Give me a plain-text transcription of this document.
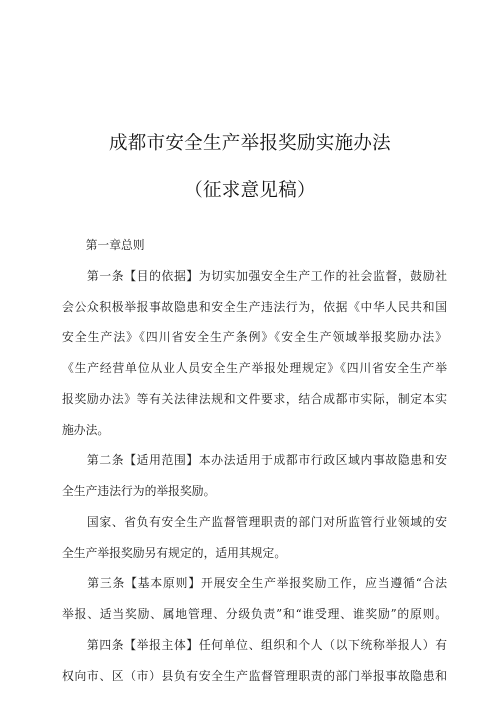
成都市安全生产举报奖励实施办法
（征求意见稿）
　　第一章总则
　　第一条【目的依据】为切实加强安全生产工作的社会监督，鼓励社
会公众积极举报事故隐患和安全生产违法行为，依据《中华人民共和国
安全生产法》《四川省安全生产条例》《安全生产领域举报奖励办法》
《生产经营单位从业人员安全生产举报处理规定》《四川省安全生产举
报奖励办法》等有关法律法规和文件要求，结合成都市实际，制定本实
施办法。
　　第二条【适用范围】本办法适用于成都市行政区域内事故隐患和安
全生产违法行为的举报奖励。
　　国家、省负有安全生产监督管理职责的部门对所监管行业领域的安
全生产举报奖励另有规定的，适用其规定。
　　第三条【基本原则】开展安全生产举报奖励工作，应当遵循“合法
举报、适当奖励、属地管理、分级负责”和“谁受理、谁奖励”的原则。
　　第四条【举报主体】任何单位、组织和个人（以下统称举报人）有
权向市、区（市）县负有安全生产监督管理职责的部门举报事故隐患和
